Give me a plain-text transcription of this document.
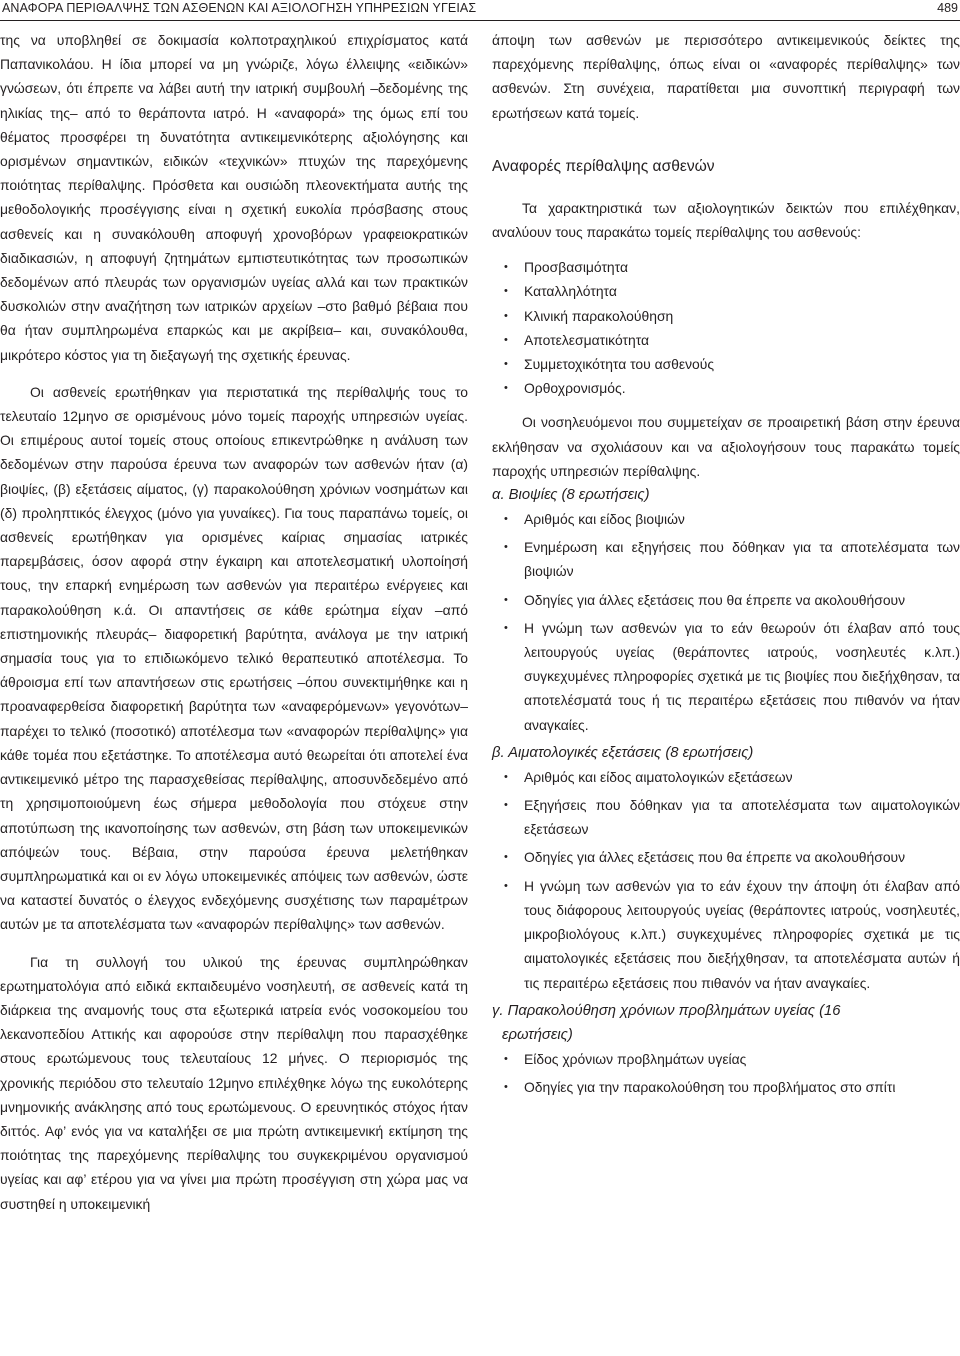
ΑΝΑΦΟΡΑ ΠΕΡΙΘΑΛΨΗΣ ΤΩΝ ΑΣΘΕΝΩΝ ΚΑΙ ΑΞΙΟΛΟΓΗΣΗ ΥΠΗΡΕΣΙΩΝ ΥΓΕΙΑΣ	489

της να υποβληθεί σε δοκιμασία κολποτραχηλικού επιχρίσματος κατά Παπανικολάου. Η ίδια μπορεί να μη γνώριζε, λόγω έλλειψης «ειδικών» γνώσεων, ότι έπρεπε να λάβει αυτή την ιατρική συμβουλή –δεδομένης της ηλικίας της– από το θεράποντα ιατρό. Η «αναφορά» της όμως επί του θέματος προσφέρει τη δυνατότητα αντικειμενικότερης αξιολόγησης και ορισμένων σημαντικών, ειδικών «τεχνικών» πτυχών της παρεχόμενης ποιότητας περίθαλψης. Πρόσθετα και ουσιώδη πλεονεκτήματα αυτής της μεθοδολογικής προσέγγισης είναι η σχετική ευκολία πρόσβασης στους ασθενείς και η συνακόλουθη αποφυγή χρονοβόρων γραφειοκρατικών διαδικασιών, η αποφυγή ζητημάτων εμπιστευτικότητας των προσωπικών δεδομένων από πλευράς των οργανισμών υγείας αλλά και των πρακτικών δυσκολιών στην αναζήτηση των ιατρικών αρχείων –στο βαθμό βέβαια που θα ήταν συμπληρωμένα επαρκώς και με ακρίβεια– και, συνακόλουθα, μικρότερο κόστος για τη διεξαγωγή της σχετικής έρευνας.

Οι ασθενείς ερωτήθηκαν για περιστατικά της περίθαλψής τους το τελευταίο 12μηνο σε ορισμένους μόνο τομείς παροχής υπηρεσιών υγείας. Οι επιμέρους αυτοί τομείς στους οποίους επικεντρώθηκε η ανάλυση των δεδομένων στην παρούσα έρευνα των αναφορών των ασθενών ήταν (α) βιοψίες, (β) εξετάσεις αίματος, (γ) παρακολούθηση χρόνιων νοσημάτων και (δ) προληπτικός έλεγχος (μόνο για γυναίκες). Για τους παραπάνω τομείς, οι ασθενείς ερωτήθηκαν για ορισμένες καίριας σημασίας ιατρικές παρεμβάσεις, όσον αφορά στην έγκαιρη και αποτελεσματική υλοποίησή τους, την επαρκή ενημέρωση των ασθενών για περαιτέρω ενέργειες και παρακολούθηση κ.ά. Οι απαντήσεις σε κάθε ερώτημα είχαν –από επιστημονικής πλευράς– διαφορετική βαρύτητα, ανάλογα με την ιατρική σημασία τους για το επιδιωκόμενο τελικό θεραπευτικό αποτέλεσμα. Το άθροισμα επί των απαντήσεων στις ερωτήσεις –όπου συνεκτιμήθηκε και η προαναφερθείσα διαφορετική βαρύτητα των «αναφερόμενων» γεγονότων– παρέχει το τελικό (ποσοτικό) αποτέλεσμα των «αναφορών περίθαλψης» για κάθε τομέα που εξετάστηκε. Το αποτέλεσμα αυτό θεωρείται ότι αποτελεί ένα αντικειμενικό μέτρο της παρασχεθείσας περίθαλψης, αποσυνδεδεμένο από τη χρησιμοποιούμενη έως σήμερα μεθοδολογία που στόχευε στην αποτύπωση της ικανοποίησης των ασθενών, στη βάση των υποκειμενικών απόψεών τους. Βέβαια, στην παρούσα έρευνα μελετήθηκαν συμπληρωματικά και οι εν λόγω υποκειμενικές απόψεις των ασθενών, ώστε να καταστεί δυνατός ο έλεγχος ενδεχόμενης συσχέτισης των παραμέτρων αυτών με τα αποτελέσματα των «αναφορών περίθαλψης» των ασθενών.

Για τη συλλογή του υλικού της έρευνας συμπληρώθηκαν ερωτηματολόγια από ειδικά εκπαιδευμένο νοσηλευτή, σε ασθενείς κατά τη διάρκεια της αναμονής τους στα εξωτερικά ιατρεία ενός νοσοκομείου του λεκανοπεδίου Αττικής και αφορούσε στην περίθαλψη που παρασχέθηκε στους ερωτώμενους τους τελευταίους 12 μήνες. Ο περιορισμός της χρονικής περιόδου στο τελευταίο 12μηνο επιλέχθηκε λόγω της ευκολότερης μνημονικής ανάκλησης από τους ερωτώμενους. Ο ερευνητικός στόχος ήταν διττός. Αφ’ ενός για να καταλήξει σε μια πρώτη αντικειμενική εκτίμηση της ποιότητας της παρεχόμενης περίθαλψης του συγκεκριμένου οργανισμού υγείας και αφ’ ετέρου για να γίνει μια πρώτη προσέγγιση στη χώρα μας να συστηθεί η υποκειμενική

άποψη των ασθενών με περισσότερο αντικειμενικούς δείκτες της παρεχόμενης περίθαλψης, όπως είναι οι «αναφορές περίθαλψης» των ασθενών. Στη συνέχεια, παρατίθεται μια συνοπτική περιγραφή των ερωτήσεων κατά τομείς.

Αναφορές περίθαλψης ασθενών

Τα χαρακτηριστικά των αξιολογητικών δεικτών που επιλέχθηκαν, αναλύουν τους παρακάτω τομείς περίθαλψης του ασθενούς:

• Προσβασιμότητα
• Καταλληλότητα
• Κλινική παρακολούθηση
• Αποτελεσματικότητα
• Συμμετοχικότητα του ασθενούς
• Ορθοχρονισμός.

Οι νοσηλευόμενοι που συμμετείχαν σε προαιρετική βάση στην έρευνα εκλήθησαν να σχολιάσουν και να αξιολογήσουν τους παρακάτω τομείς παροχής υπηρεσιών περίθαλψης.

α. Βιοψίες (8 ερωτήσεις)
• Αριθμός και είδος βιοψιών
• Ενημέρωση και εξηγήσεις που δόθηκαν για τα αποτελέσματα των βιοψιών
• Οδηγίες για άλλες εξετάσεις που θα έπρεπε να ακολουθήσουν
• Η γνώμη των ασθενών για το εάν θεωρούν ότι έλαβαν από τους λειτουργούς υγείας (θεράποντες ιατρούς, νοσηλευτές κ.λπ.) συγκεχυμένες πληροφορίες σχετικά με τις βιοψίες που διεξήχθησαν, τα αποτελέσματά τους ή τις περαιτέρω εξετάσεις που πιθανόν να ήταν αναγκαίες.
β. Αιματολογικές εξετάσεις (8 ερωτήσεις)
• Αριθμός και είδος αιματολογικών εξετάσεων
• Εξηγήσεις που δόθηκαν για τα αποτελέσματα των αιματολογικών εξετάσεων
• Οδηγίες για άλλες εξετάσεις που θα έπρεπε να ακολουθήσουν
• Η γνώμη των ασθενών για το εάν έχουν την άποψη ότι έλαβαν από τους διάφορους λειτουργούς υγείας (θεράποντες ιατρούς, νοσηλευτές, μικροβιολόγους κ.λπ.) συγκεχυμένες πληροφορίες σχετικά με τις αιματολογικές εξετάσεις που διεξήχθησαν, τα αποτελέσματα αυτών ή τις περαιτέρω εξετάσεις που πιθανόν να ήταν αναγκαίες.
γ. Παρακολούθηση χρόνιων προβλημάτων υγείας (16
ερωτήσεις)
• Είδος χρόνιων προβλημάτων υγείας
• Οδηγίες για την παρακολούθηση του προβλήματος στο σπίτι
